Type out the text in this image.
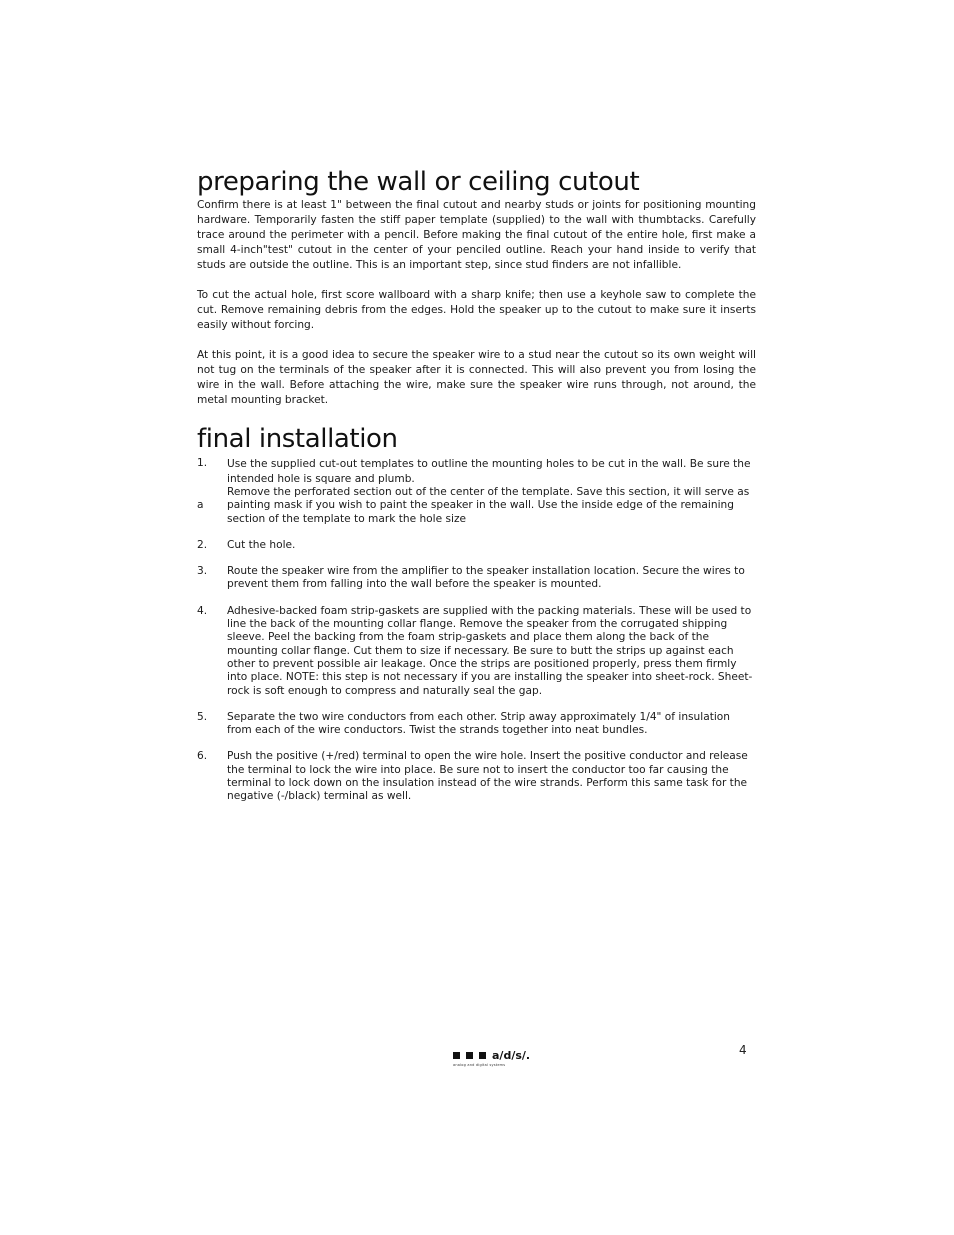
preparing the wall or ceiling cutout

Confirm there is at least 1" between the final cutout and nearby studs or joints for positioning mounting hardware. Temporarily fasten the stiff paper template (supplied) to the wall with thumbtacks. Carefully trace around the perimeter with a pencil. Before making the final cutout of the entire hole, first make a small 4-inch"test" cutout in the center of your penciled outline. Reach your hand inside to verify that studs are outside the outline. This is an important step, since stud finders are not infallible.

To cut the actual hole, first score wallboard with a sharp knife; then use a keyhole saw to complete the cut. Remove remaining debris from the edges. Hold the speaker up to the cutout to make sure it inserts easily without forcing.

At this point, it is a good idea to secure the speaker wire to a stud near the cutout so its own weight will not tug on the terminals of the speaker after it is connected. This will also prevent you from losing the wire in the wall. Before attaching the wire, make sure the speaker wire runs through, not around, the metal mounting bracket.

final installation
1.	Use the supplied cut-out templates to outline the mounting holes to be cut in the wall. Be sure the intended hole is square and plumb.
a
Remove the perforated section out of the center of the template. Save this section, it will serve as painting mask if you wish to paint the speaker in the wall. Use the inside edge of the remaining section of the template to mark the hole size
2.	Cut the hole.
3.	Route the speaker wire from the amplifier to the speaker installation location. Secure the wires to prevent them from falling into the wall before the speaker is mounted.
4.	Adhesive-backed foam strip-gaskets are supplied with the packing materials. These will be used to line the back of the mounting collar flange. Remove the speaker from the corrugated shipping sleeve. Peel the backing from the foam strip-gaskets and place them along the back of the mounting collar flange. Cut them to size if necessary. Be sure to butt the strips up against each other to prevent possible air leakage. Once the strips are positioned properly, press them firmly into place. NOTE: this step is not necessary if you are installing the speaker into sheet-rock. Sheet-rock is soft enough to compress and naturally seal the gap.
5.	Separate the two wire conductors from each other. Strip away approximately 1/4" of insulation from each of the wire conductors. Twist the strands together into neat bundles.
6.	Push the positive (+/red) terminal to open the wire hole. Insert the positive conductor and release the terminal to lock the wire into place. Be sure not to insert the conductor too far causing the terminal to lock down on the insulation instead of the wire strands. Perform this same task for the negative (-/black) terminal as well.
4
a/d/s/.
analog and digital systems
